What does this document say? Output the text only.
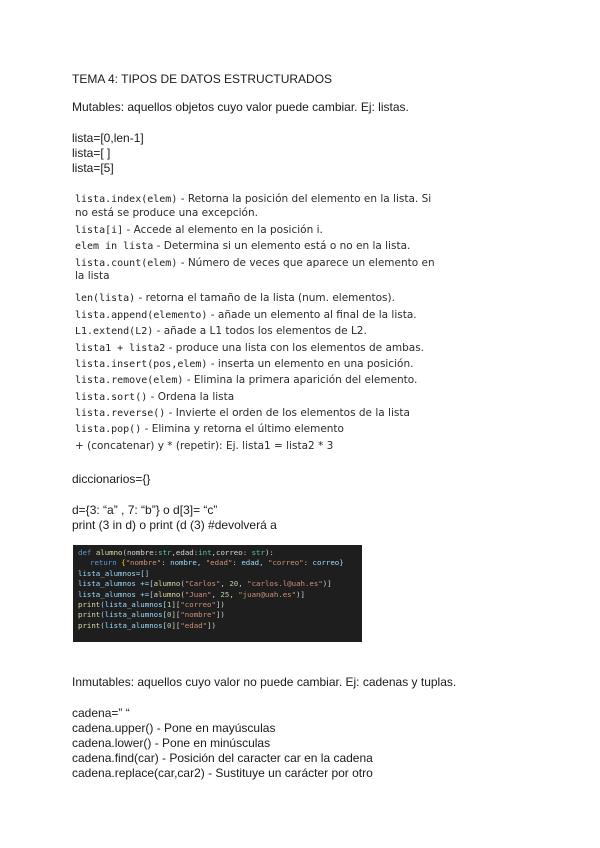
TEMA 4: TIPOS DE DATOS ESTRUCTURADOS
Mutables: aquellos objetos cuyo valor puede cambiar. Ej: listas.
lista=[0,len-1]
lista=[ ]
lista=[5]
lista.index(elem) - Retorna la posición del elemento en la lista. Si
no está se produce una excepción.
lista[i] - Accede al elemento en la posición i.
elem in lista - Determina si un elemento está o no en la lista.
lista.count(elem) - Número de veces que aparece un elemento en
la lista
len(lista) - retorna el tamaño de la lista (num. elementos).
lista.append(elemento) - añade un elemento al final de la lista.
L1.extend(L2) - añade a L1 todos los elementos de L2.
lista1 + lista2 - produce una lista con los elementos de ambas.
lista.insert(pos,elem) - inserta un elemento en una posición.
lista.remove(elem) - Elimina la primera aparición del elemento.
lista.sort() - Ordena la lista
lista.reverse() - Invierte el orden de los elementos de la lista
lista.pop() - Elimina y retorna el último elemento
+ (concatenar) y * (repetir): Ej. lista1 = lista2 * 3
diccionarios={}
d={3: “a” , 7: “b”} o d[3]= “c”
print (3 in d) o print (d (3) #devolverá a
def alumno(nombre:str,edad:int,correo: str):
return {"nombre": nombre, "edad": edad, "correo": correo}
lista_alumnos=[]
lista_alumnos +=[alumno("Carlos", 20, "carlos.l@uah.es")]
lista_alumnos +=[alumno("Juan", 25, "juan@uah.es")]
print(lista_alumnos[1]["correo"])
print(lista_alumnos[0]["nombre"])
print(lista_alumnos[0]["edad"])
Inmutables: aquellos cuyo valor no puede cambiar. Ej: cadenas y tuplas.
cadena=” “
cadena.upper() - Pone en mayúsculas
cadena.lower() - Pone en minúsculas
cadena.find(car) - Posición del caracter car en la cadena
cadena.replace(car,car2) - Sustituye un carácter por otro
